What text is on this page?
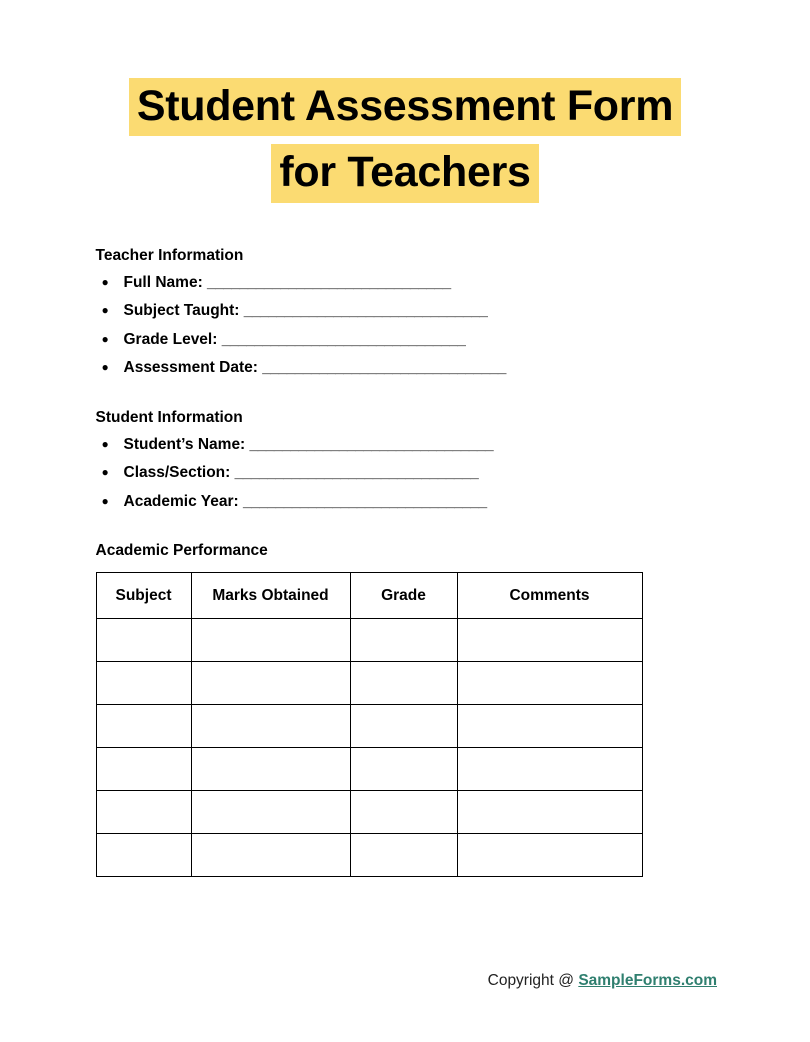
Student Assessment Form
for Teachers
Teacher Information
● Full Name: ______________________________
● Subject Taught: ______________________________
● Grade Level: ______________________________
● Assessment Date: ______________________________
Student Information
● Student’s Name: ______________________________
● Class/Section: ______________________________
● Academic Year: ______________________________
Academic Performance
Subject	Marks Obtained	Grade	Comments

Copyright @ SampleForms.com
